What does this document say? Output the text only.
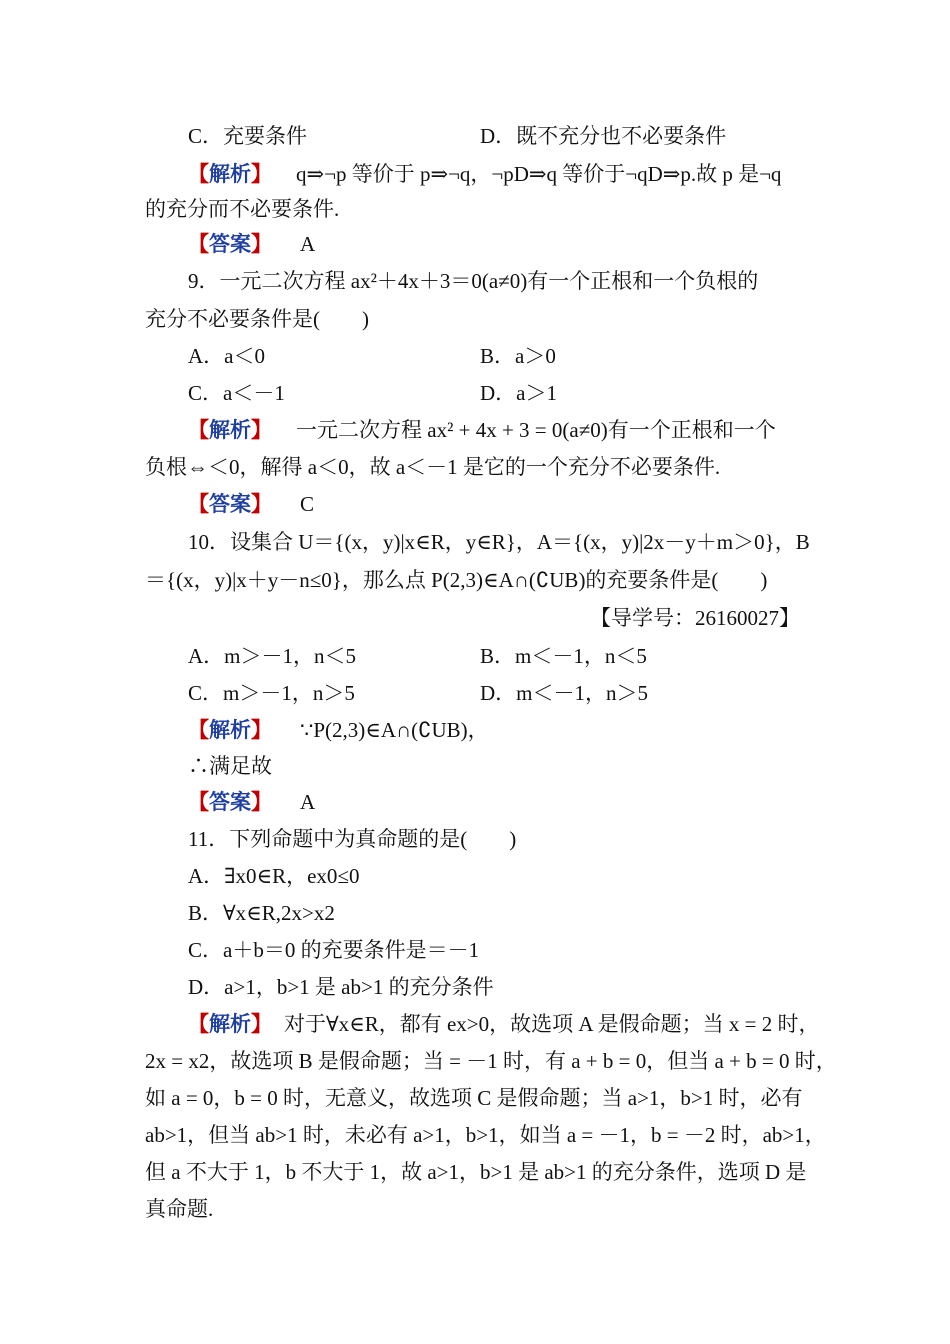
C．充要条件	D．既不充分也不必要条件
【解析】 q⇒¬p 等价于 p⇒¬q，¬pD⇒q 等价于¬qD⇒p.故 p 是¬q
的充分而不必要条件.
【答案】 A
9．一元二次方程 ax²＋4x＋3＝0(a≠0)有一个正根和一个负根的
充分不必要条件是(　　)
A．a＜0	B．a＞0
C．a＜－1	D．a＞1
【解析】 一元二次方程 ax² + 4x + 3 = 0(a≠0)有一个正根和一个
负根⇔＜0，解得 a＜0，故 a＜－1 是它的一个充分不必要条件.
【答案】 C
10．设集合 U＝{(x，y)|x∈R，y∈R}，A＝{(x，y)|2x－y＋m＞0}，B
＝{(x，y)|x＋y－n≤0}，那么点 P(2,3)∈A∩(∁UB)的充要条件是(　　)
【导学号：26160027】
A．m＞－1，n＜5	B．m＜－1，n＜5
C．m＞－1，n＞5	D．m＜－1，n＞5
【解析】 ∵P(2,3)∈A∩(∁UB)，
∴满足故
【答案】 A
11．下列命题中为真命题的是(　　)
A．∃x0∈R，ex0≤0
B．∀x∈R,2x>x2
C．a＋b＝0 的充要条件是＝－1
D．a>1，b>1 是 ab>1 的充分条件
【解析】 对于∀x∈R，都有 ex>0，故选项 A 是假命题；当 x = 2 时，
2x = x2，故选项 B 是假命题；当 = －1 时，有 a + b = 0，但当 a + b = 0 时，
如 a = 0，b = 0 时，无意义，故选项 C 是假命题；当 a>1，b>1 时，必有
ab>1，但当 ab>1 时，未必有 a>1，b>1，如当 a = －1，b = －2 时，ab>1，
但 a 不大于 1，b 不大于 1，故 a>1，b>1 是 ab>1 的充分条件，选项 D 是
真命题.
